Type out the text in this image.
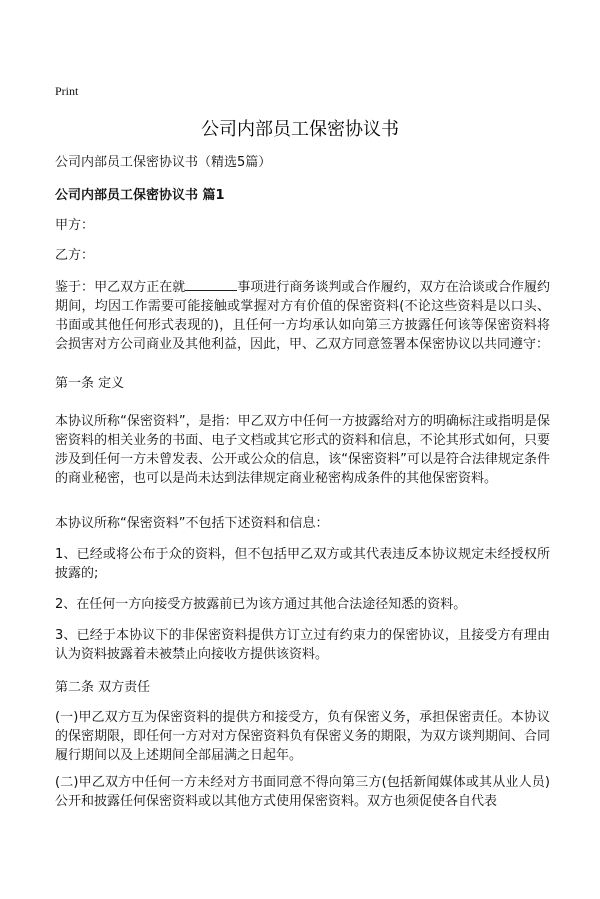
Print
公司内部员工保密协议书
公司内部员工保密协议书（精选5篇）
公司内部员工保密协议书 篇1
甲方：
乙方：
鉴于：甲乙双方正在就	事项进行商务谈判或合作履约，双方在洽谈或合作履约期间，均因工作需要可能接触或掌握对方有价值的保密资料(不论这些资料是以口头、书面或其他任何形式表现的)，且任何一方均承认如向第三方披露任何该等保密资料将会损害对方公司商业及其他利益，因此，甲、乙双方同意签署本保密协议以共同遵守：
第一条 定义
本协议所称“保密资料”，是指：甲乙双方中任何一方披露给对方的明确标注或指明是保密资料的相关业务的书面、电子文档或其它形式的资料和信息，不论其形式如何，只要涉及到任何一方未曾发表、公开或公众的信息，该“保密资料”可以是符合法律规定条件的商业秘密，也可以是尚未达到法律规定商业秘密构成条件的其他保密资料。
本协议所称“保密资料”不包括下述资料和信息：
1、已经或将公布于众的资料，但不包括甲乙双方或其代表违反本协议规定未经授权所披露的;
2、在任何一方向接受方披露前已为该方通过其他合法途径知悉的资料。
3、已经于本协议下的非保密资料提供方订立过有约束力的保密协议，且接受方有理由认为资料披露着未被禁止向接收方提供该资料。
第二条 双方责任
(一)甲乙双方互为保密资料的提供方和接受方，负有保密义务，承担保密责任。本协议的保密期限，即任何一方对对方保密资料负有保密义务的期限，为双方谈判期间、合同履行期间以及上述期间全部届满之日起年。
(二)甲乙双方中任何一方未经对方书面同意不得向第三方(包括新闻媒体或其从业人员)公开和披露任何保密资料或以其他方式使用保密资料。双方也须促使各自代表
